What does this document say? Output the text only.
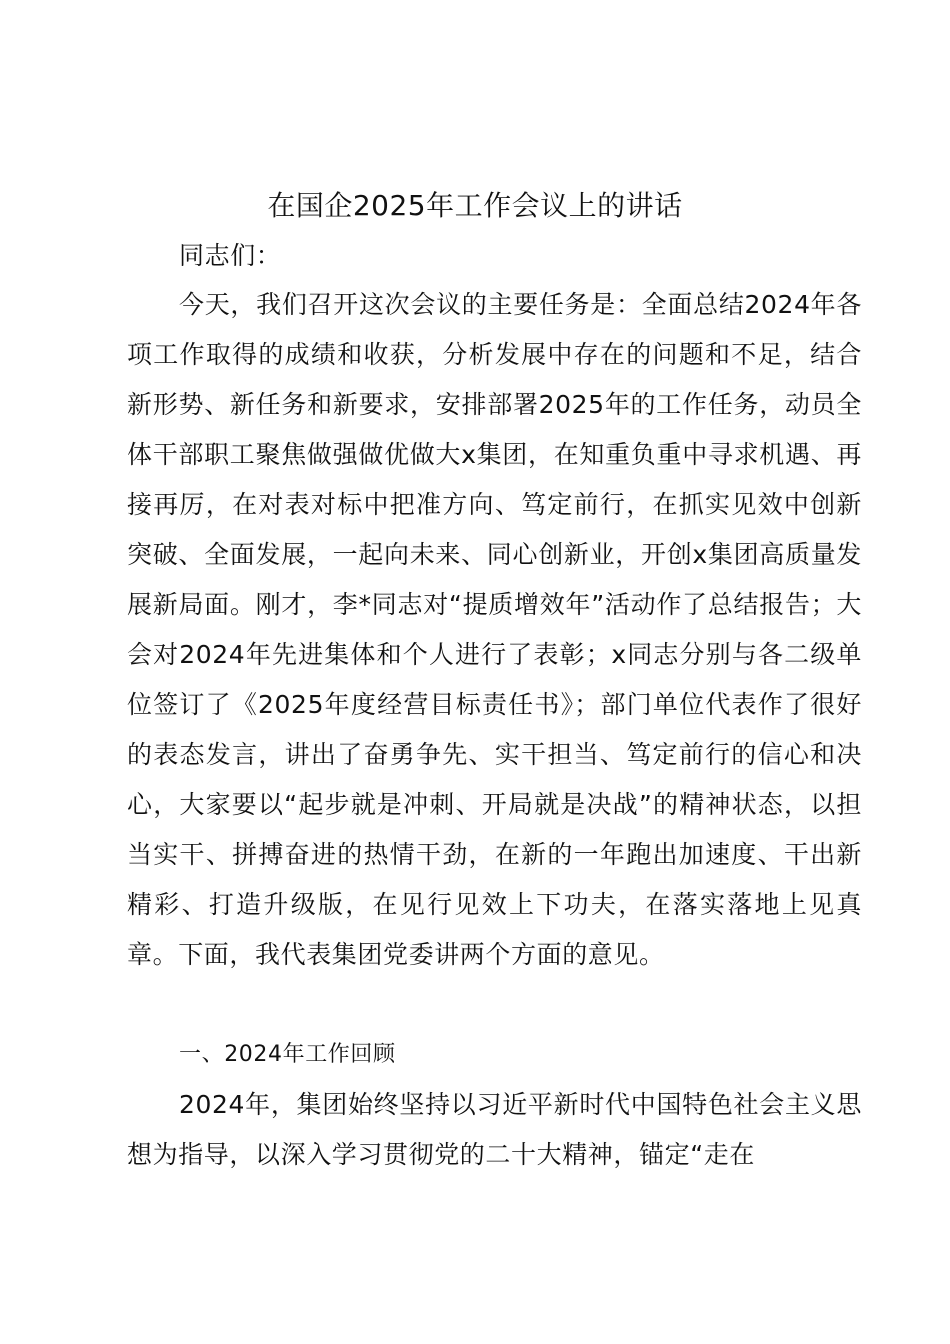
在国企2025年工作会议上的讲话
同志们：
今天，我们召开这次会议的主要任务是：全面总结2024年各项工作取得的成绩和收获，分析发展中存在的问题和不足，结合新形势、新任务和新要求，安排部署2025年的工作任务，动员全体干部职工聚焦做强做优做大x集团，在知重负重中寻求机遇、再接再厉，在对表对标中把准方向、笃定前行，在抓实见效中创新突破、全面发展，一起向未来、同心创新业，开创x集团高质量发展新局面。刚才，李*同志对“提质增效年”活动作了总结报告；大会对2024年先进集体和个人进行了表彰；x同志分别与各二级单位签订了《2025年度经营目标责任书》；部门单位代表作了很好的表态发言，讲出了奋勇争先、实干担当、笃定前行的信心和决心，大家要以“起步就是冲刺、开局就是决战”的精神状态，以担当实干、拼搏奋进的热情干劲，在新的一年跑出加速度、干出新精彩、打造升级版，在见行见效上下功夫，在落实落地上见真章。下面，我代表集团党委讲两个方面的意见。
一、2024年工作回顾
2024年，集团始终坚持以习近平新时代中国特色社会主义思想为指导，以深入学习贯彻党的二十大精神，锚定“走在
